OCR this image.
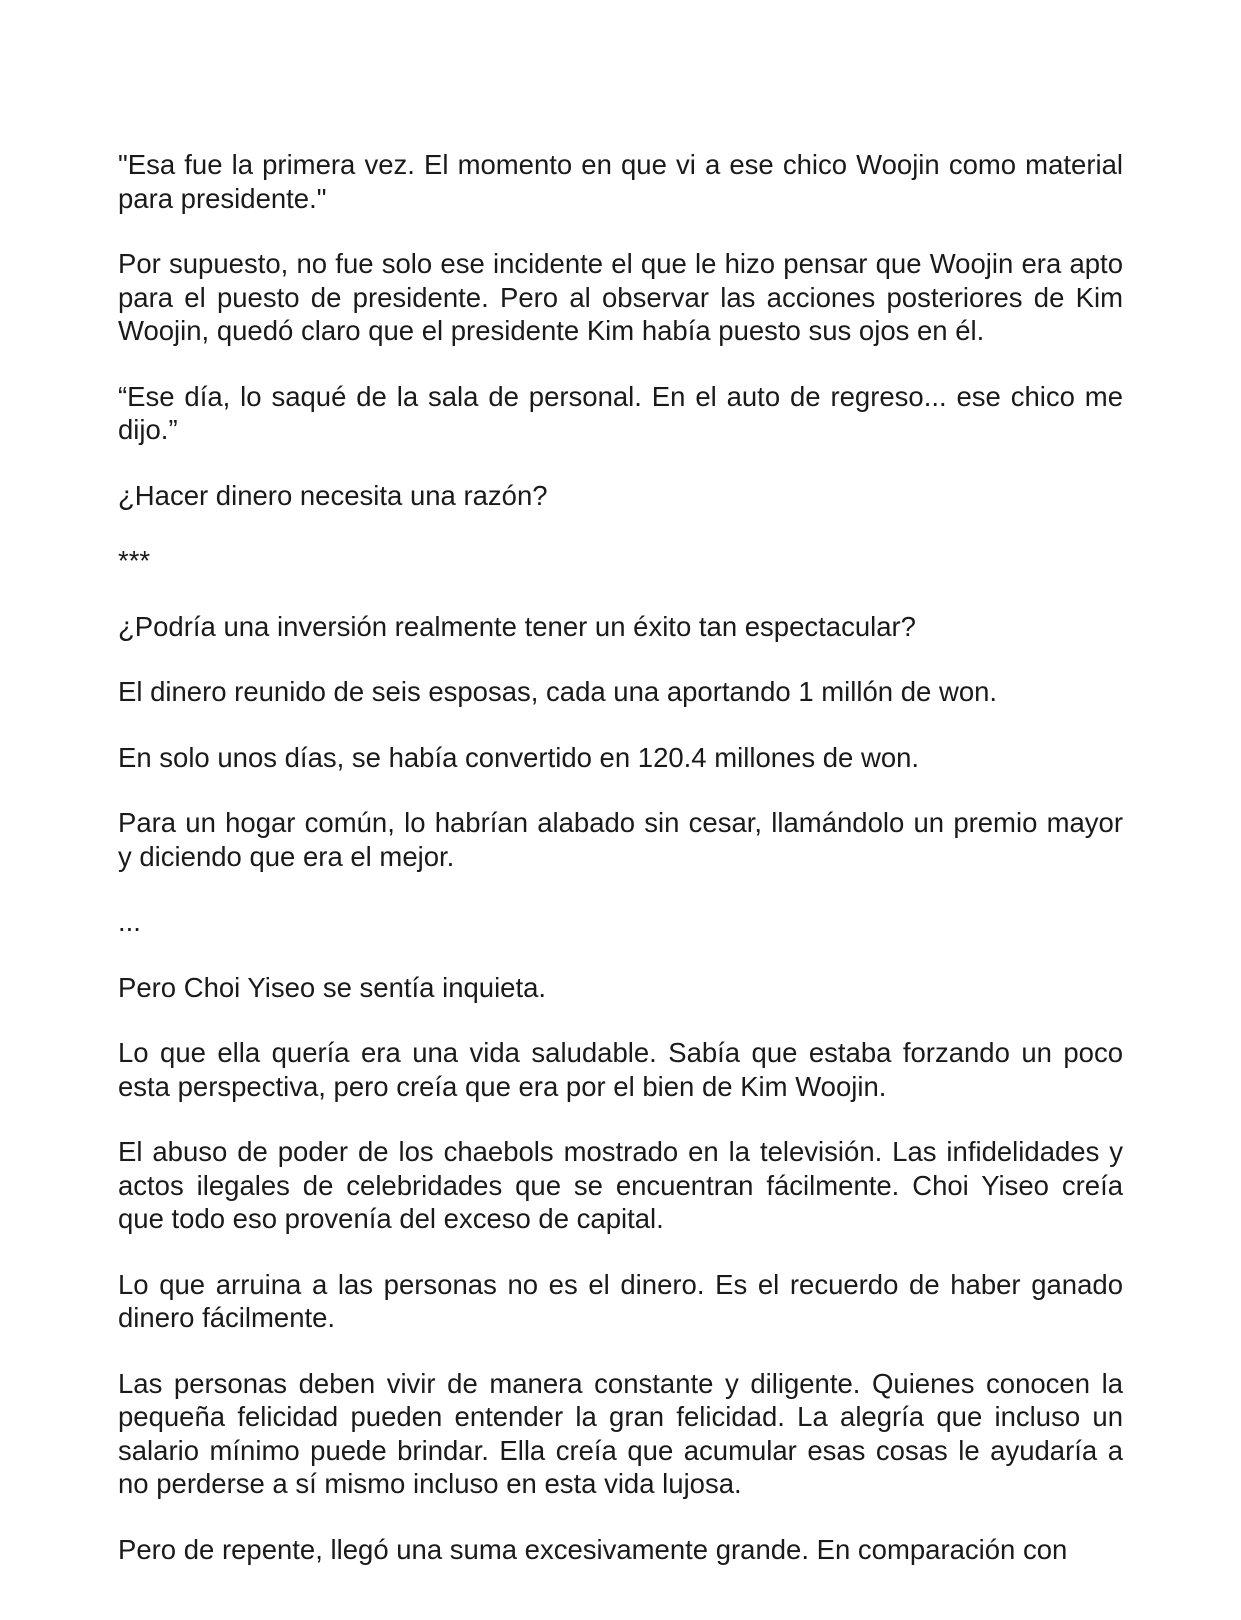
"Esa fue la primera vez. El momento en que vi a ese chico Woojin como material para presidente."

Por supuesto, no fue solo ese incidente el que le hizo pensar que Woojin era apto para el puesto de presidente. Pero al observar las acciones posteriores de Kim Woojin, quedó claro que el presidente Kim había puesto sus ojos en él.

“Ese día, lo saqué de la sala de personal. En el auto de regreso... ese chico me dijo.”

¿Hacer dinero necesita una razón?

***

¿Podría una inversión realmente tener un éxito tan espectacular?

El dinero reunido de seis esposas, cada una aportando 1 millón de won.

En solo unos días, se había convertido en 120.4 millones de won.

Para un hogar común, lo habrían alabado sin cesar, llamándolo un premio mayor y diciendo que era el mejor.

...

Pero Choi Yiseo se sentía inquieta.

Lo que ella quería era una vida saludable. Sabía que estaba forzando un poco esta perspectiva, pero creía que era por el bien de Kim Woojin.

El abuso de poder de los chaebols mostrado en la televisión. Las infidelidades y actos ilegales de celebridades que se encuentran fácilmente. Choi Yiseo creía que todo eso provenía del exceso de capital.

Lo que arruina a las personas no es el dinero. Es el recuerdo de haber ganado dinero fácilmente.

Las personas deben vivir de manera constante y diligente. Quienes conocen la pequeña felicidad pueden entender la gran felicidad. La alegría que incluso un salario mínimo puede brindar. Ella creía que acumular esas cosas le ayudaría a no perderse a sí mismo incluso en esta vida lujosa.

Pero de repente, llegó una suma excesivamente grande. En comparación con
